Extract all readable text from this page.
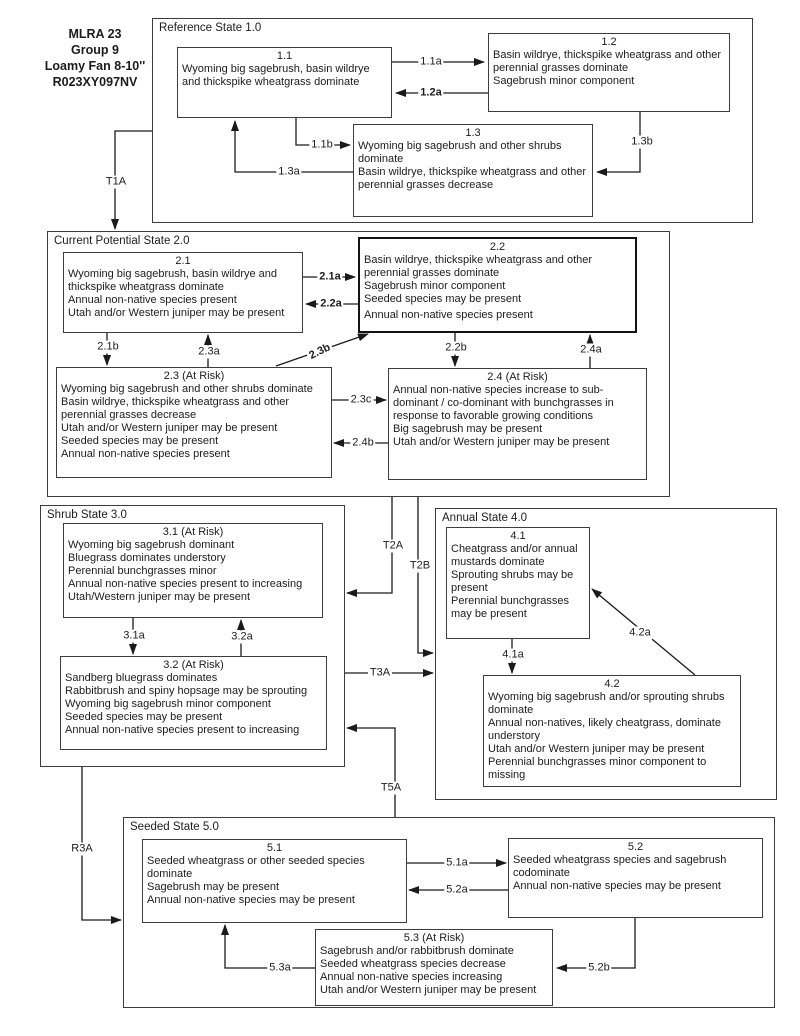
MLRA 23
Group 9
Loamy Fan 8-10''
R023XY097NV
Reference State 1.0
Current Potential State 2.0
Shrub State 3.0	Annual State 4.0
Seeded State 5.0
1.1
Wyoming big sagebrush, basin wildrye and thickspike wheatgrass dominate
1.2
Basin wildrye, thickspike wheatgrass and other perennial grasses dominate
Sagebrush minor component
1.3
Wyoming big sagebrush and other shrubs dominate
Basin wildrye, thickspike wheatgrass and other perennial grasses decrease
2.1
Wyoming big sagebrush, basin wildrye and thickspike wheatgrass dominate
Annual non-native species present
Utah and/or Western juniper may be present
2.2
Basin wildrye, thickspike wheatgrass and other perennial grasses dominate
Sagebrush minor component
Seeded species may be present
Annual non-native species present
2.3 (At Risk)
Wyoming big sagebrush and other shrubs dominate
Basin wildrye, thickspike wheatgrass and other perennial grasses decrease
Utah and/or Western juniper may be present
Seeded species may be present
Annual non-native species present
2.4 (At Risk)
Annual non-native species increase to sub-dominant / co-dominant with bunchgrasses in response to favorable growing conditions
Big sagebrush may be present
Utah and/or Western juniper may be present
3.1 (At Risk)
Wyoming big sagebrush dominant
Bluegrass dominates understory
Perennial bunchgrasses minor
Annual non-native species present to increasing
Utah/Western juniper may be present
3.2 (At Risk)
Sandberg bluegrass dominates
Rabbitbrush and spiny hopsage may be sprouting
Wyoming big sagebrush minor component
Seeded species may be present
Annual non-native species present to increasing
4.1
Cheatgrass and/or annual mustards dominate
Sprouting shrubs may be present
Perennial bunchgrasses may be present
4.2
Wyoming big sagebrush and/or sprouting shrubs dominate
Annual non-natives, likely cheatgrass, dominate understory
Utah and/or Western juniper may be present
Perennial bunchgrasses minor component to missing
5.1
Seeded wheatgrass or other seeded species dominate
Sagebrush may be present
Annual non-native species may be present
5.2
Seeded wheatgrass species and sagebrush codominate
Annual non-native species may be present
5.3 (At Risk)
Sagebrush and/or rabbitbrush dominate
Seeded wheatgrass species decrease
Annual non-native species increasing
Utah and/or Western juniper may be present
1.1a
1.2a
1.1b
1.3a
1.3b
T1A
2.1a
2.2a
2.1b	2.3a	2.3b	2.2b	2.4a
2.3c
2.4b
T2A
T2B
T3A
T5A
R3A
3.1a	3.2a
4.1a
4.2a
5.1a
5.2a
5.2b
5.3a
